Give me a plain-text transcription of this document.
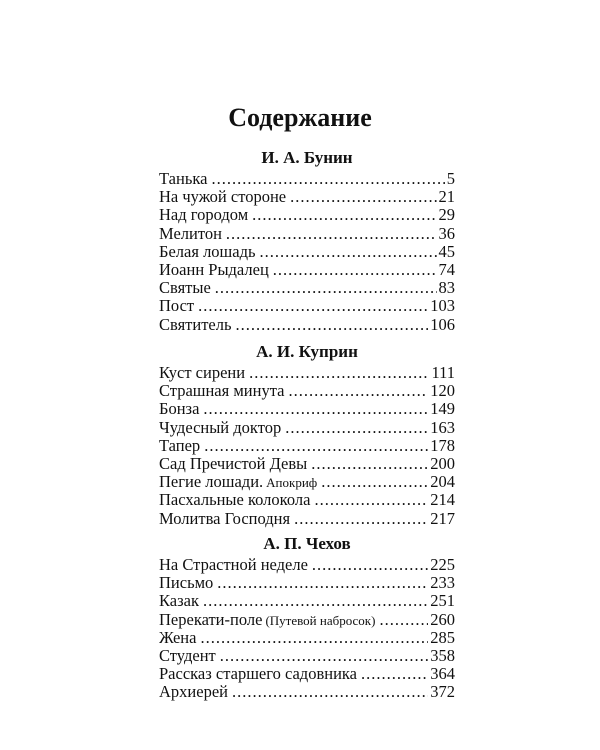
Содержание
И. А. Бунин
Танька .....	5
На чужой стороне .....	21
Над городом .....	29
Мелитон .....	36
Белая лошадь .....	45
Иоанн Рыдалец .....	74
Святые .....	83
Пост .....	103
Святитель .....	106
А. И. Куприн
Куст сирени .....	111
Страшная минута .....	120
Бонза .....	149
Чудесный доктор .....	163
Тапер .....	178
Сад Пречистой Девы .....	200
Пегие лошади. Апокриф .....	204
Пасхальные колокола .....	214
Молитва Господня .....	217
А. П. Чехов
На Страстной неделе .....	225
Письмо .....	233
Казак .....	251
Перекати-поле (Путевой набросок) .....	260
Жена .....	285
Студент .....	358
Рассказ старшего садовника .....	364
Архиерей .....	372
